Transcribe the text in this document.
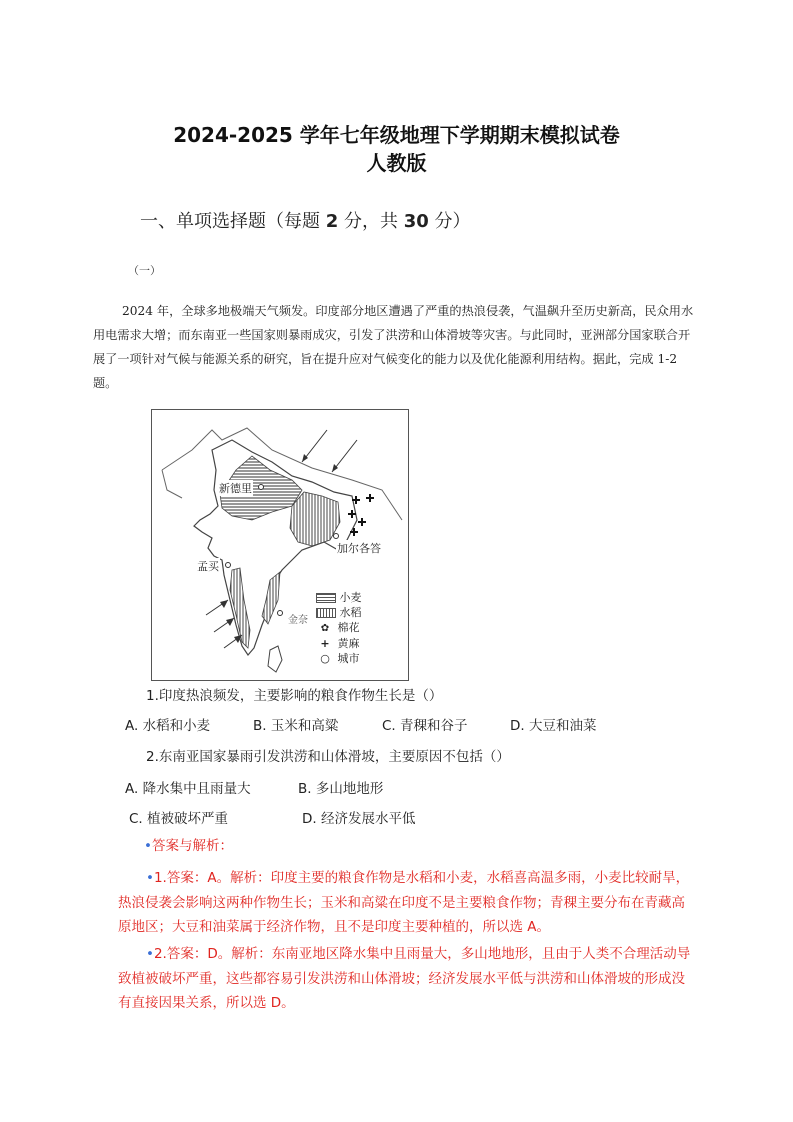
2024-2025 学年七年级地理下学期期末模拟试卷
人教版
一、单项选择题（每题 2 分，共 30 分）
（一）
2024 年，全球多地极端天气频发。印度部分地区遭遇了严重的热浪侵袭，气温飙升至历史新高，民众用水用电需求大增；而东南亚一些国家则暴雨成灾，引发了洪涝和山体滑坡等灾害。与此同时，亚洲部分国家联合开展了一项针对气候与能源关系的研究，旨在提升应对气候变化的能力以及优化能源利用结构。据此，完成 1-2 题。
新德里
加尔各答
孟买
金奈
小麦
水稻
✿ 棉花
+ 黄麻
○ 城市
1.印度热浪频发，主要影响的粮食作物生长是（）
A. 水稻和小麦	B. 玉米和高粱	C. 青稞和谷子	D. 大豆和油菜
2.东南亚国家暴雨引发洪涝和山体滑坡，主要原因不包括（）
A. 降水集中且雨量大	B. 多山地地形
C. 植被破坏严重	D. 经济发展水平低
•答案与解析：
•1.答案：A。解析：印度主要的粮食作物是水稻和小麦，水稻喜高温多雨，小麦比较耐旱，热浪侵袭会影响这两种作物生长；玉米和高粱在印度不是主要粮食作物；青稞主要分布在青藏高原地区；大豆和油菜属于经济作物，且不是印度主要种植的，所以选 A。
•2.答案：D。解析：东南亚地区降水集中且雨量大，多山地地形，且由于人类不合理活动导致植被破坏严重，这些都容易引发洪涝和山体滑坡；经济发展水平低与洪涝和山体滑坡的形成没有直接因果关系，所以选 D。
